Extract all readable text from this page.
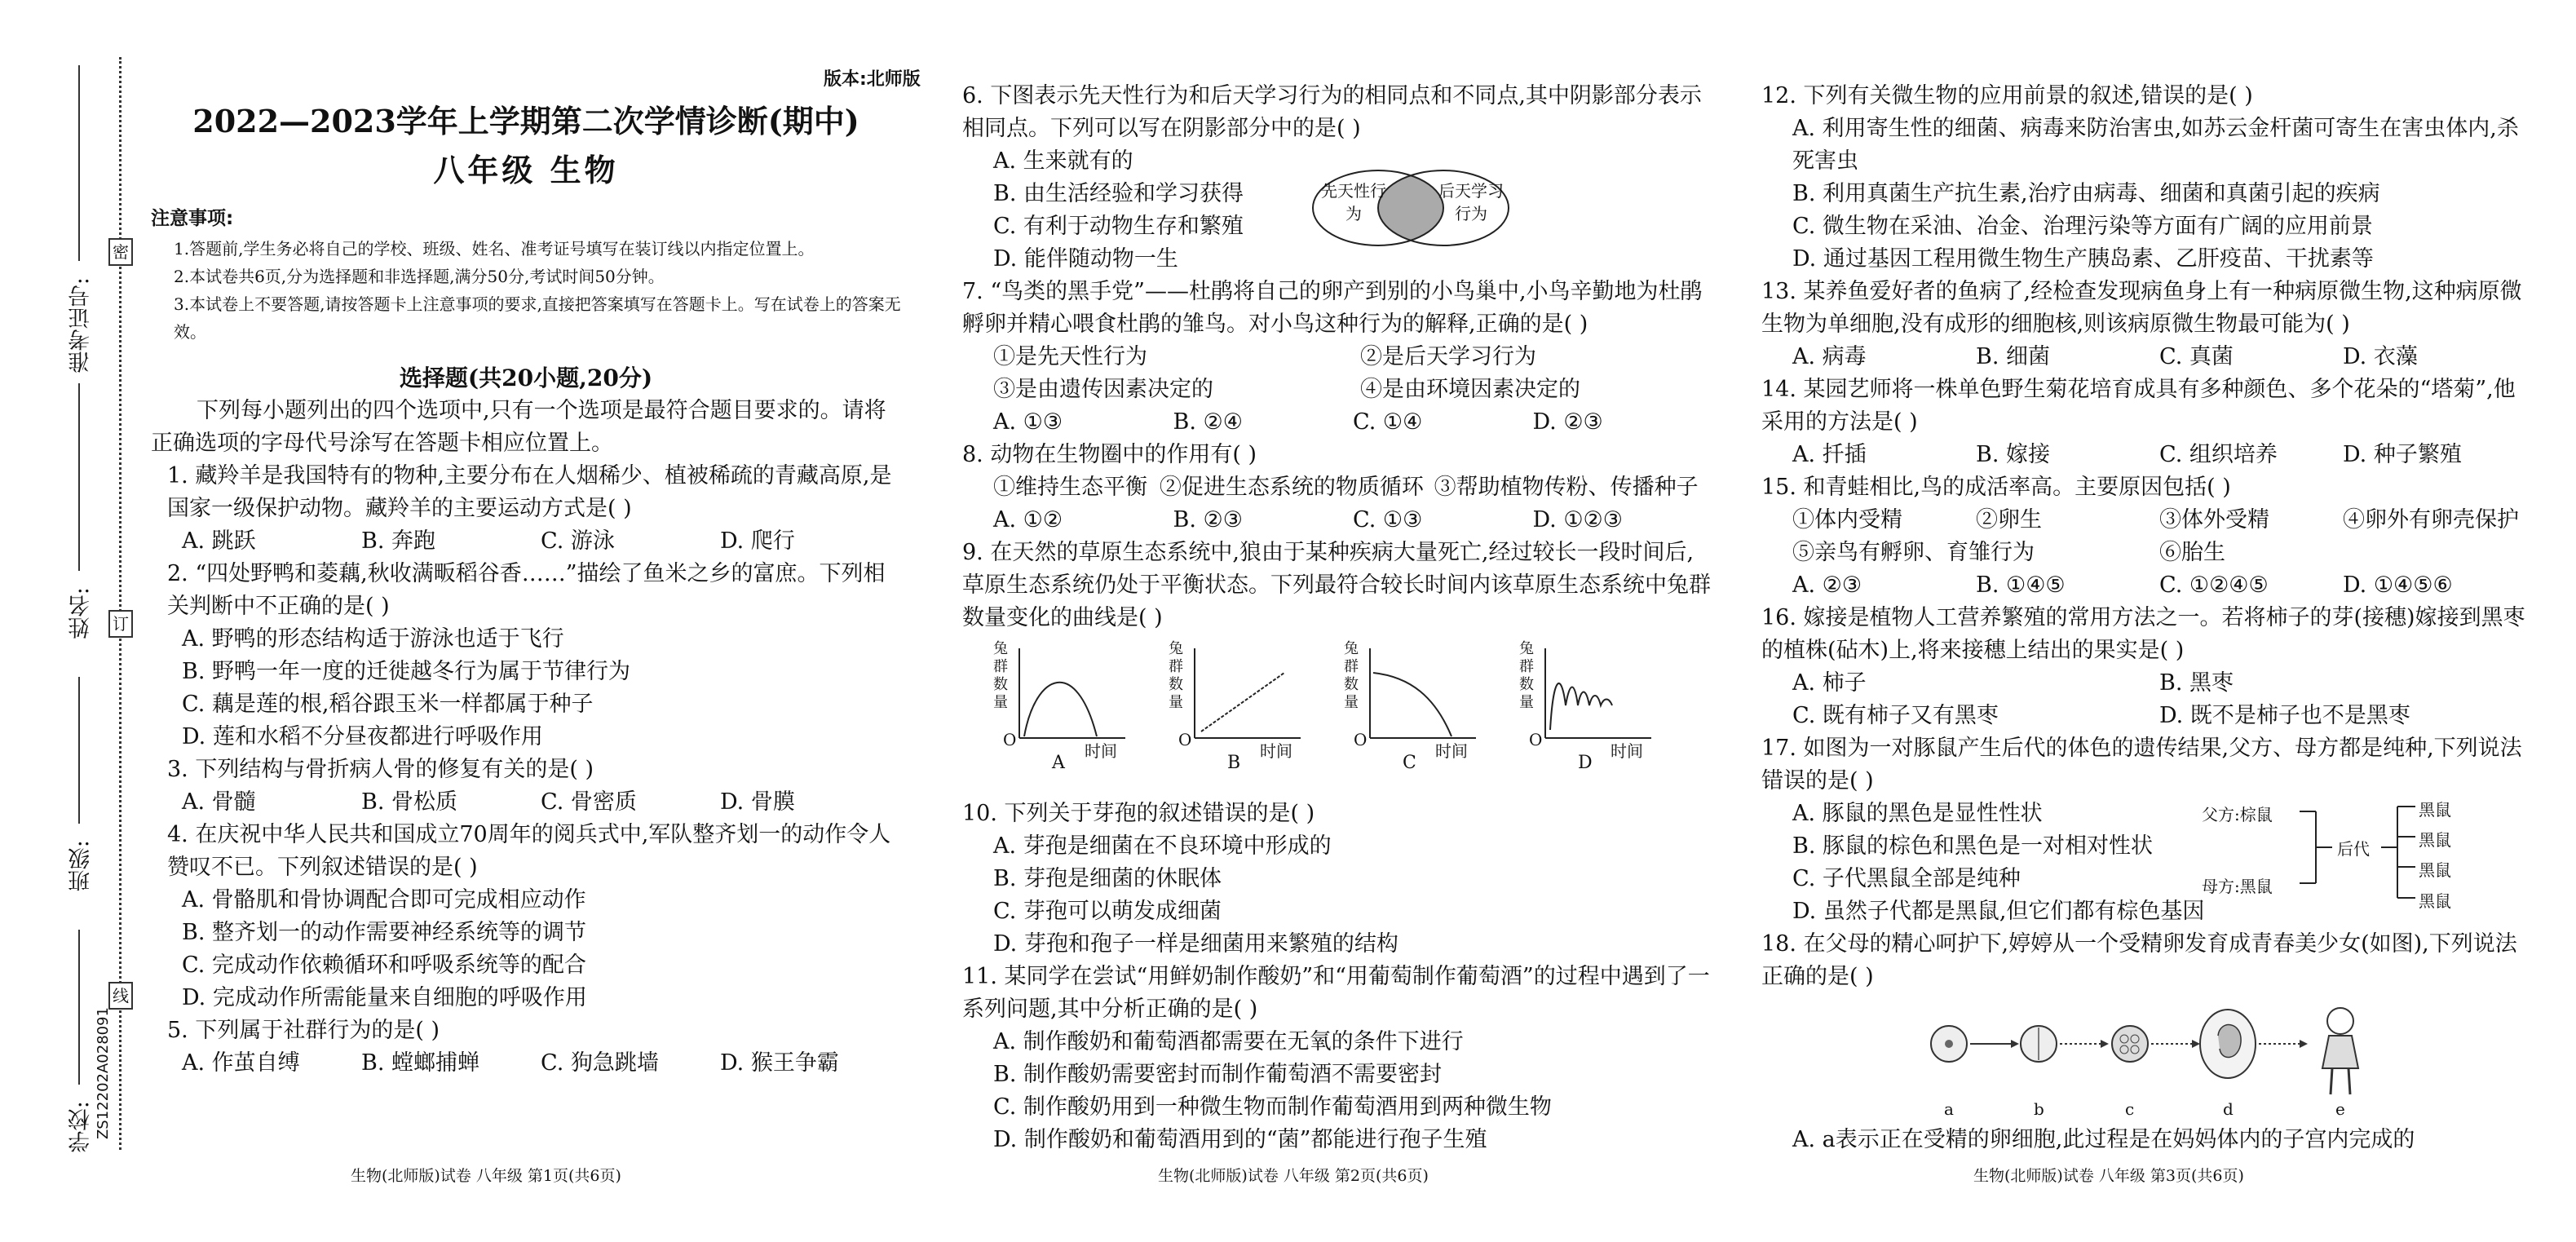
密
订
线
准考证号:
姓名:
班级:
学校: ZS12202A028091
版本:北师版
2022—2023学年上学期第二次学情诊断(期中)
八年级 生物
注意事项:
1.答题前,学生务必将自己的学校、班级、姓名、准考证号填写在装订线以内指定位置上。
2.本试卷共6页,分为选择题和非选择题,满分50分,考试时间50分钟。
3.本试卷上不要答题,请按答题卡上注意事项的要求,直接把答案填写在答题卡上。写在试卷上的答案无效。
选择题(共20小题,20分)
下列每小题列出的四个选项中,只有一个选项是最符合题目要求的。请将正确选项的字母代号涂写在答题卡相应位置上。
1. 藏羚羊是我国特有的物种,主要分布在人烟稀少、植被稀疏的青藏高原,是国家一级保护动物。藏羚羊的主要运动方式是( )
A. 跳跃	B. 奔跑	C. 游泳	D. 爬行
2. “四处野鸭和菱藕,秋收满畈稻谷香……”描绘了鱼米之乡的富庶。下列相关判断中不正确的是( )
A. 野鸭的形态结构适于游泳也适于飞行
B. 野鸭一年一度的迁徙越冬行为属于节律行为
C. 藕是莲的根,稻谷跟玉米一样都属于种子
D. 莲和水稻不分昼夜都进行呼吸作用
3. 下列结构与骨折病人骨的修复有关的是( )
A. 骨髓	B. 骨松质	C. 骨密质	D. 骨膜
4. 在庆祝中华人民共和国成立70周年的阅兵式中,军队整齐划一的动作令人赞叹不已。下列叙述错误的是( )
A. 骨骼肌和骨协调配合即可完成相应动作
B. 整齐划一的动作需要神经系统等的调节
C. 完成动作依赖循环和呼吸系统等的配合
D. 完成动作所需能量来自细胞的呼吸作用
5. 下列属于社群行为的是( )
A. 作茧自缚	B. 螳螂捕蝉	C. 狗急跳墙	D. 猴王争霸
6. 下图表示先天性行为和后天学习行为的相同点和不同点,其中阴影部分表示相同点。下列可以写在阴影部分中的是( )
A. 生来就有的
B. 由生活经验和学习获得
C. 有利于动物生存和繁殖
D. 能伴随动物一生
7. “鸟类的黑手党”——杜鹃将自己的卵产到别的小鸟巢中,小鸟辛勤地为杜鹃孵卵并精心喂食杜鹃的雏鸟。对小鸟这种行为的解释,正确的是( )
①是先天性行为	②是后天学习行为
③是由遗传因素决定的	④是由环境因素决定的
A. ①③	B. ②④	C. ①④	D. ②③
8. 动物在生物圈中的作用有( )
①维持生态平衡 ②促进生态系统的物质循环 ③帮助植物传粉、传播种子
A. ①②	B. ②③	C. ①③	D. ①②③
9. 在天然的草原生态系统中,狼由于某种疾病大量死亡,经过较长一段时间后,草原生态系统仍处于平衡状态。下列最符合较长时间内该草原生态系统中兔群数量变化的曲线是( )
10. 下列关于芽孢的叙述错误的是( )
A. 芽孢是细菌在不良环境中形成的
B. 芽孢是细菌的休眠体
C. 芽孢可以萌发成细菌
D. 芽孢和孢子一样是细菌用来繁殖的结构
11. 某同学在尝试“用鲜奶制作酸奶”和“用葡萄制作葡萄酒”的过程中遇到了一系列问题,其中分析正确的是( )
A. 制作酸奶和葡萄酒都需要在无氧的条件下进行
B. 制作酸奶需要密封而制作葡萄酒不需要密封
C. 制作酸奶用到一种微生物而制作葡萄酒用到两种微生物
D. 制作酸奶和葡萄酒用到的“菌”都能进行孢子生殖
先天性行为
后天学习行为
兔群数量
兔群数量
兔群数量
兔群数量
O	O	O	O
时间	时间	时间	时间
A	B	C	D
12. 下列有关微生物的应用前景的叙述,错误的是( )
A. 利用寄生性的细菌、病毒来防治害虫,如苏云金杆菌可寄生在害虫体内,杀死害虫
B. 利用真菌生产抗生素,治疗由病毒、细菌和真菌引起的疾病
C. 微生物在采油、冶金、治理污染等方面有广阔的应用前景
D. 通过基因工程用微生物生产胰岛素、乙肝疫苗、干扰素等
13. 某养鱼爱好者的鱼病了,经检查发现病鱼身上有一种病原微生物,这种病原微生物为单细胞,没有成形的细胞核,则该病原微生物最可能为( )
A. 病毒	B. 细菌	C. 真菌	D. 衣藻
14. 某园艺师将一株单色野生菊花培育成具有多种颜色、多个花朵的“塔菊”,他采用的方法是( )
A. 扦插	B. 嫁接	C. 组织培养	D. 种子繁殖
15. 和青蛙相比,鸟的成活率高。主要原因包括( )
①体内受精	②卵生	③体外受精	④卵外有卵壳保护
⑤亲鸟有孵卵、育雏行为	⑥胎生
A. ②③	B. ①④⑤	C. ①②④⑤	D. ①④⑤⑥
16. 嫁接是植物人工营养繁殖的常用方法之一。若将柿子的芽(接穗)嫁接到黑枣的植株(砧木)上,将来接穗上结出的果实是( )
A. 柿子	B. 黑枣
C. 既有柿子又有黑枣	D. 既不是柿子也不是黑枣
17. 如图为一对豚鼠产生后代的体色的遗传结果,父方、母方都是纯种,下列说法错误的是( )
A. 豚鼠的黑色是显性性状
B. 豚鼠的棕色和黑色是一对相对性状
C. 子代黑鼠全部是纯种
D. 虽然子代都是黑鼠,但它们都有棕色基因
18. 在父母的精心呵护下,婷婷从一个受精卵发育成青春美少女(如图),下列说法正确的是( )
A. a表示正在受精的卵细胞,此过程是在妈妈体内的子宫内完成的
父方:棕鼠
母方:黑鼠
后代
黑鼠
黑鼠
黑鼠
黑鼠
a	b	c	d	e
生物(北师版)试卷 八年级 第1页(共6页)	生物(北师版)试卷 八年级 第2页(共6页)	生物(北师版)试卷 八年级 第3页(共6页)
